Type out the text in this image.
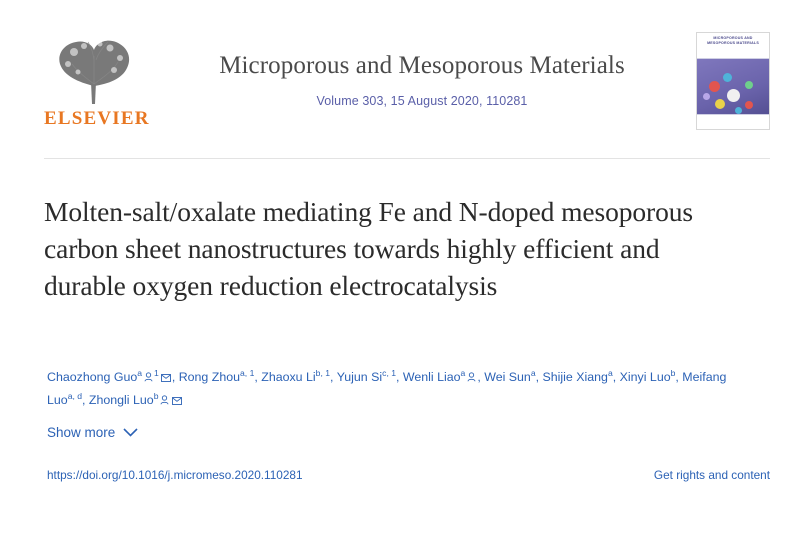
ELSEVIER
Microporous and Mesoporous Materials
Volume 303, 15 August 2020, 110281
MICROPOROUS AND
MESOPOROUS MATERIALS
Molten-salt/oxalate mediating Fe and N-doped mesoporous carbon sheet nanostructures towards highly efficient and durable oxygen reduction electrocatalysis
Chaozhong Guo$^a$ $^1$ , Rong Zhou$^{a, 1}$, Zhaoxu Li$^{b, 1}$, Yujun Si$^{c, 1}$, Wenli Liao$^a$ , Wei Sun$^a$, Shijie Xiang$^a$, Xinyi Luo$^b$, Meifang Luo$^{a, d}$, Zhongli Luo$^b$
Show more
https://doi.org/10.1016/j.micromeso.2020.110281	Get rights and content
